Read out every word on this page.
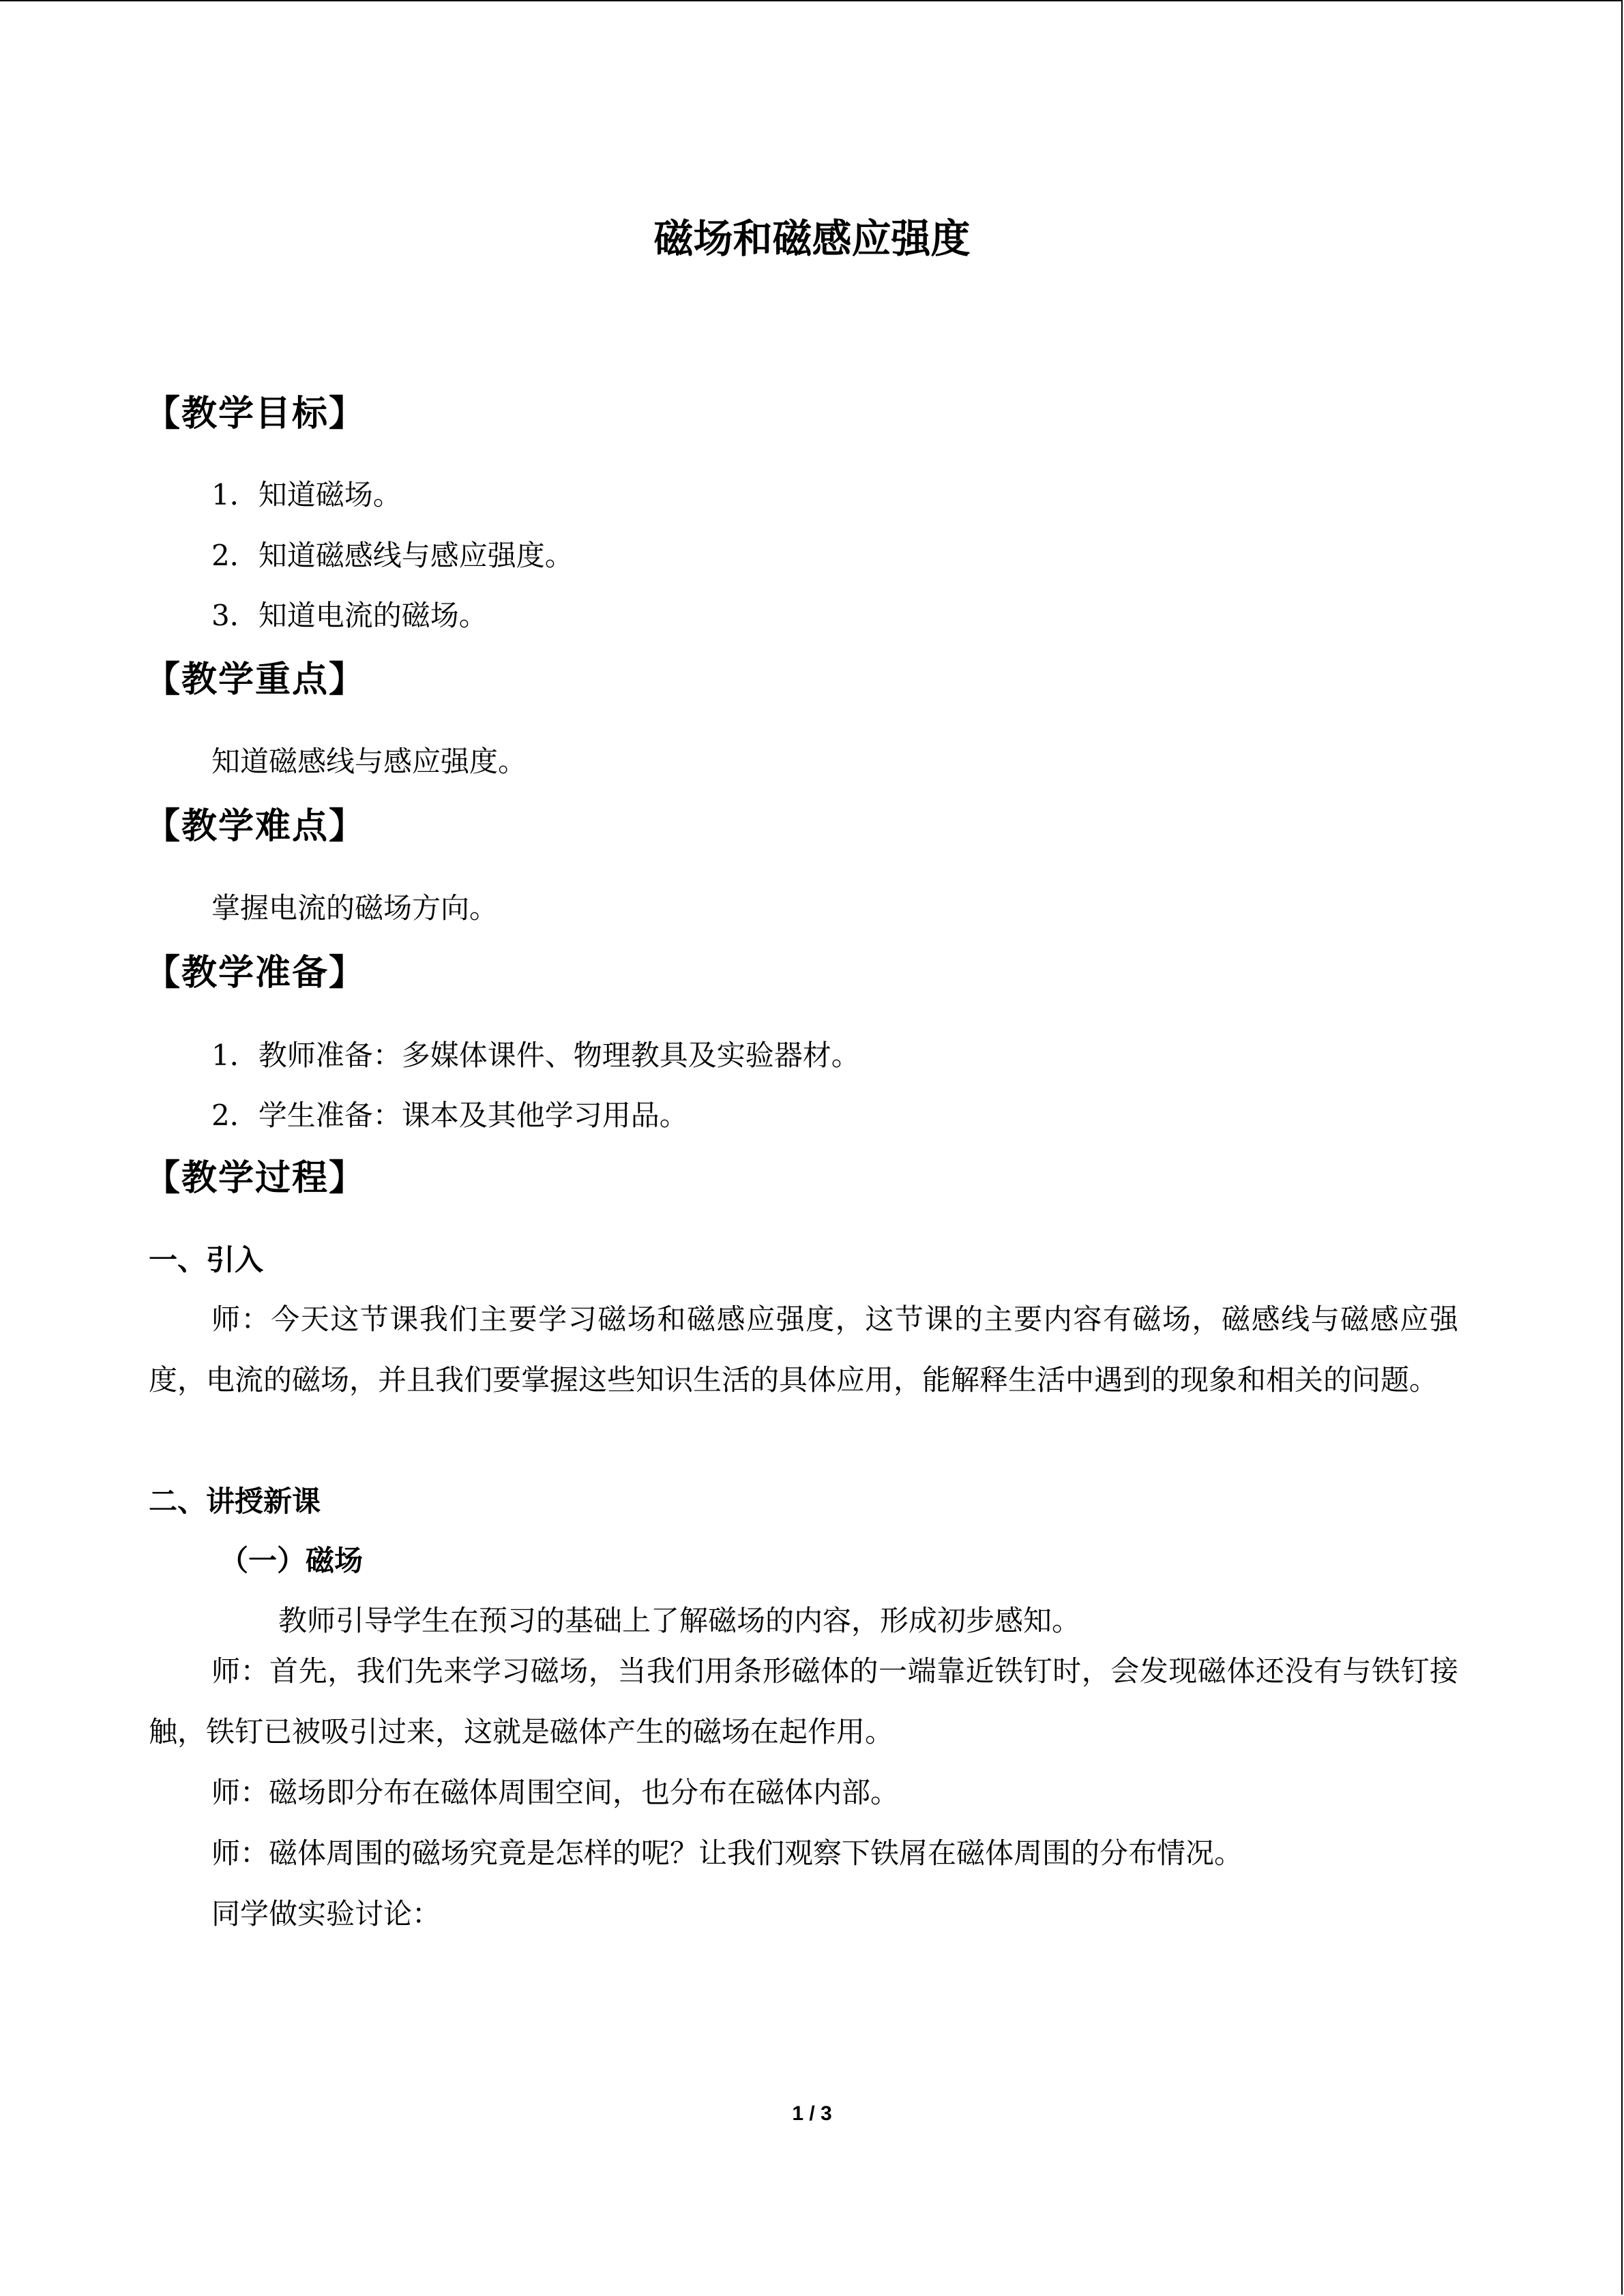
磁场和磁感应强度
【教学目标】
1．知道磁场。
2．知道磁感线与感应强度。
3．知道电流的磁场。
【教学重点】
知道磁感线与感应强度。
【教学难点】
掌握电流的磁场方向。
【教学准备】
1．教师准备：多媒体课件、物理教具及实验器材。
2．学生准备：课本及其他学习用品。
【教学过程】
一、引入
师：今天这节课我们主要学习磁场和磁感应强度，这节课的主要内容有磁场，磁感线与磁感应强度，电流的磁场，并且我们要掌握这些知识生活的具体应用，能解释生活中遇到的现象和相关的问题。
二、讲授新课
（一）磁场
教师引导学生在预习的基础上了解磁场的内容，形成初步感知。
师：首先，我们先来学习磁场，当我们用条形磁体的一端靠近铁钉时，会发现磁体还没有与铁钉接触，铁钉已被吸引过来，这就是磁体产生的磁场在起作用。
师：磁场即分布在磁体周围空间，也分布在磁体内部。
师：磁体周围的磁场究竟是怎样的呢？让我们观察下铁屑在磁体周围的分布情况。
同学做实验讨论：
1 / 3
